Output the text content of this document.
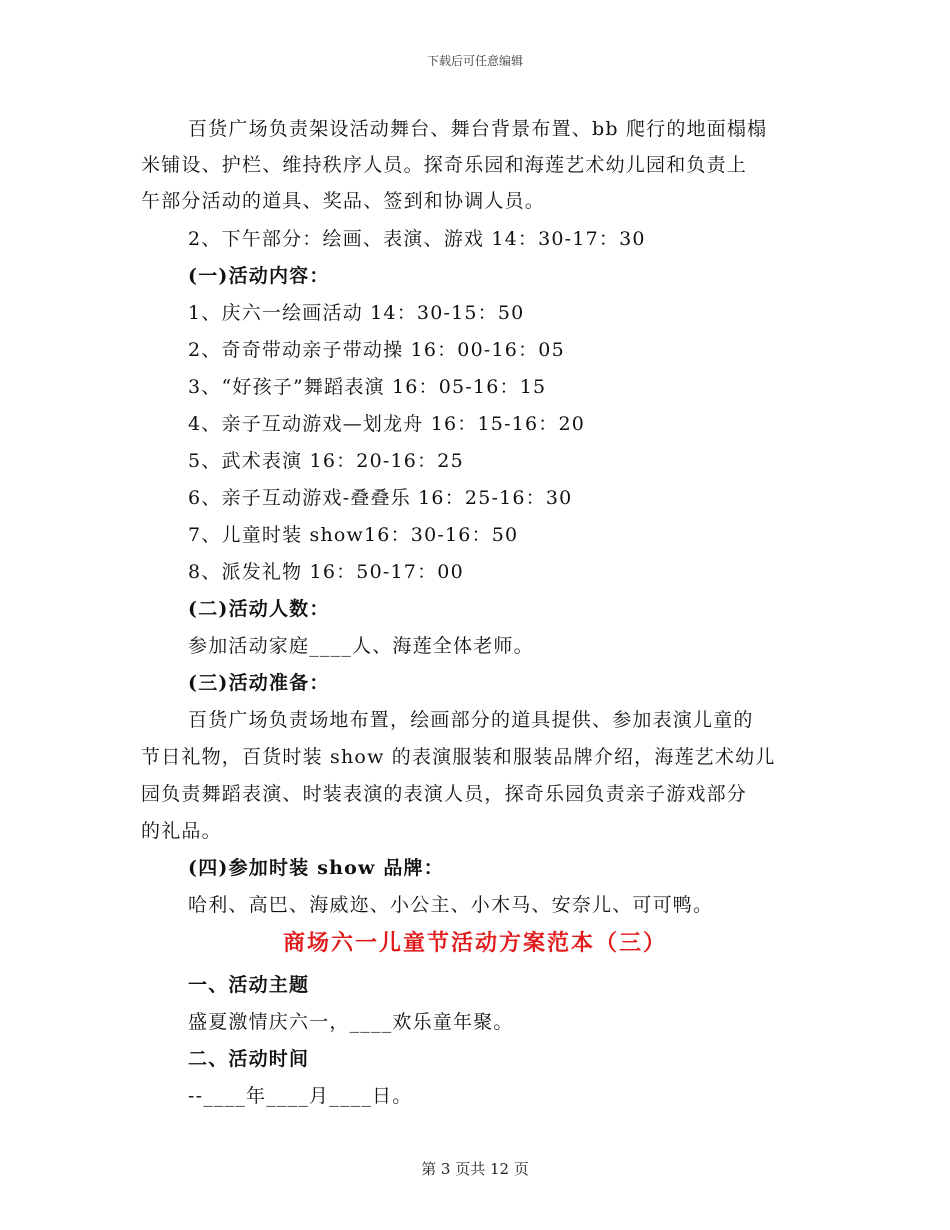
下载后可任意编辑
百货广场负责架设活动舞台、舞台背景布置、bb 爬行的地面榻榻
米铺设、护栏、维持秩序人员。探奇乐园和海莲艺术幼儿园和负责上
午部分活动的道具、奖品、签到和协调人员。
2、下午部分：绘画、表演、游戏 14：30-17：30
(一)活动内容：
1、庆六一绘画活动 14：30-15：50
2、奇奇带动亲子带动操 16：00-16：05
3、“好孩子”舞蹈表演 16：05-16：15
4、亲子互动游戏—划龙舟 16：15-16：20
5、武术表演 16：20-16：25
6、亲子互动游戏-叠叠乐 16：25-16：30
7、儿童时装 show16：30-16：50
8、派发礼物 16：50-17：00
(二)活动人数：
参加活动家庭____人、海莲全体老师。
(三)活动准备：
百货广场负责场地布置，绘画部分的道具提供、参加表演儿童的
节日礼物，百货时装 show 的表演服装和服装品牌介绍，海莲艺术幼儿
园负责舞蹈表演、时装表演的表演人员，探奇乐园负责亲子游戏部分
的礼品。
(四)参加时装 show 品牌：
哈利、高巴、海威迩、小公主、小木马、安奈儿、可可鸭。
商场六一儿童节活动方案范本（三）
一、活动主题
盛夏激情庆六一，____欢乐童年聚。
二、活动时间
--____年____月____日。
第 3 页共 12 页
